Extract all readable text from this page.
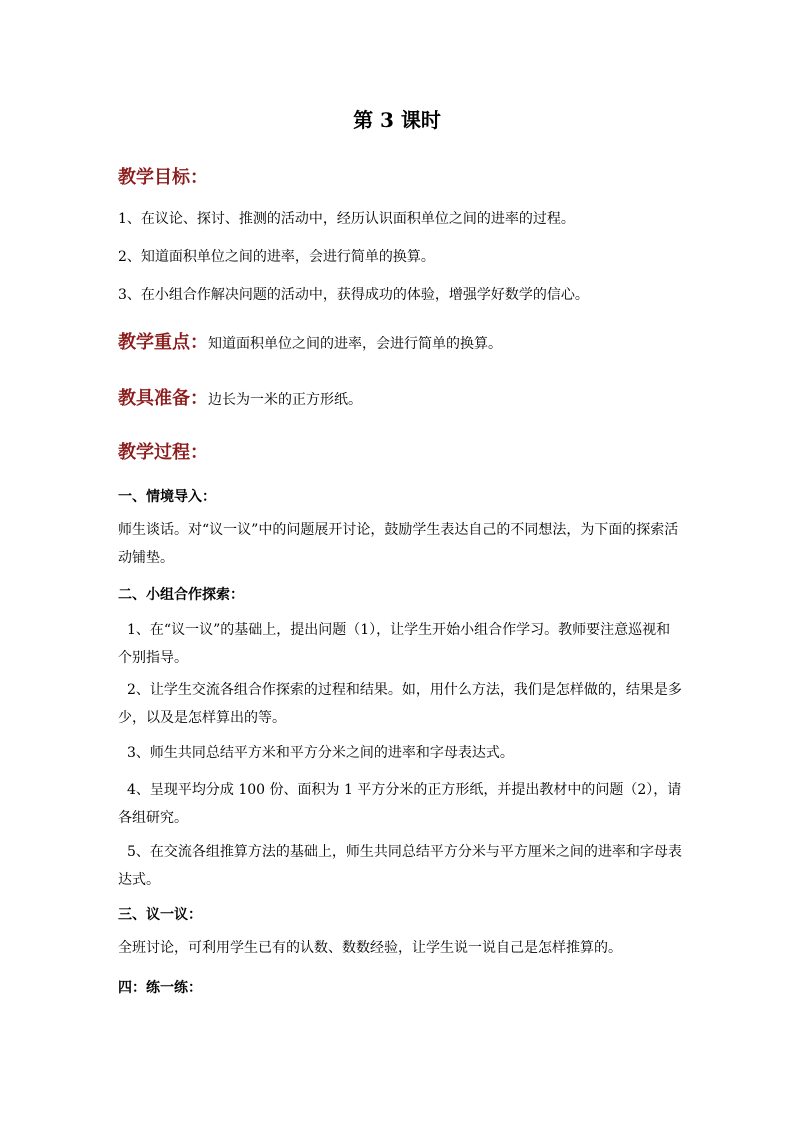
第 3 课时
教学目标：
1、在议论、探讨、推测的活动中，经历认识面积单位之间的进率的过程。
2、知道面积单位之间的进率，会进行简单的换算。
3、在小组合作解决问题的活动中，获得成功的体验，增强学好数学的信心。
教学重点：知道面积单位之间的进率，会进行简单的换算。
教具准备：边长为一米的正方形纸。
教学过程：
一、情境导入：
师生谈话。对“议一议”中的问题展开讨论，鼓励学生表达自己的不同想法，为下面的探索活动铺垫。
二、小组合作探索：
1、在“议一议”的基础上，提出问题（1），让学生开始小组合作学习。教师要注意巡视和个别指导。
2、让学生交流各组合作探索的过程和结果。如，用什么方法，我们是怎样做的，结果是多少，以及是怎样算出的等。
3、师生共同总结平方米和平方分米之间的进率和字母表达式。
4、呈现平均分成 100 份、面积为 1 平方分米的正方形纸，并提出教材中的问题（2），请各组研究。
5、在交流各组推算方法的基础上，师生共同总结平方分米与平方厘米之间的进率和字母表达式。
三、议一议：
全班讨论，可利用学生已有的认数、数数经验，让学生说一说自己是怎样推算的。
四：练一练：
